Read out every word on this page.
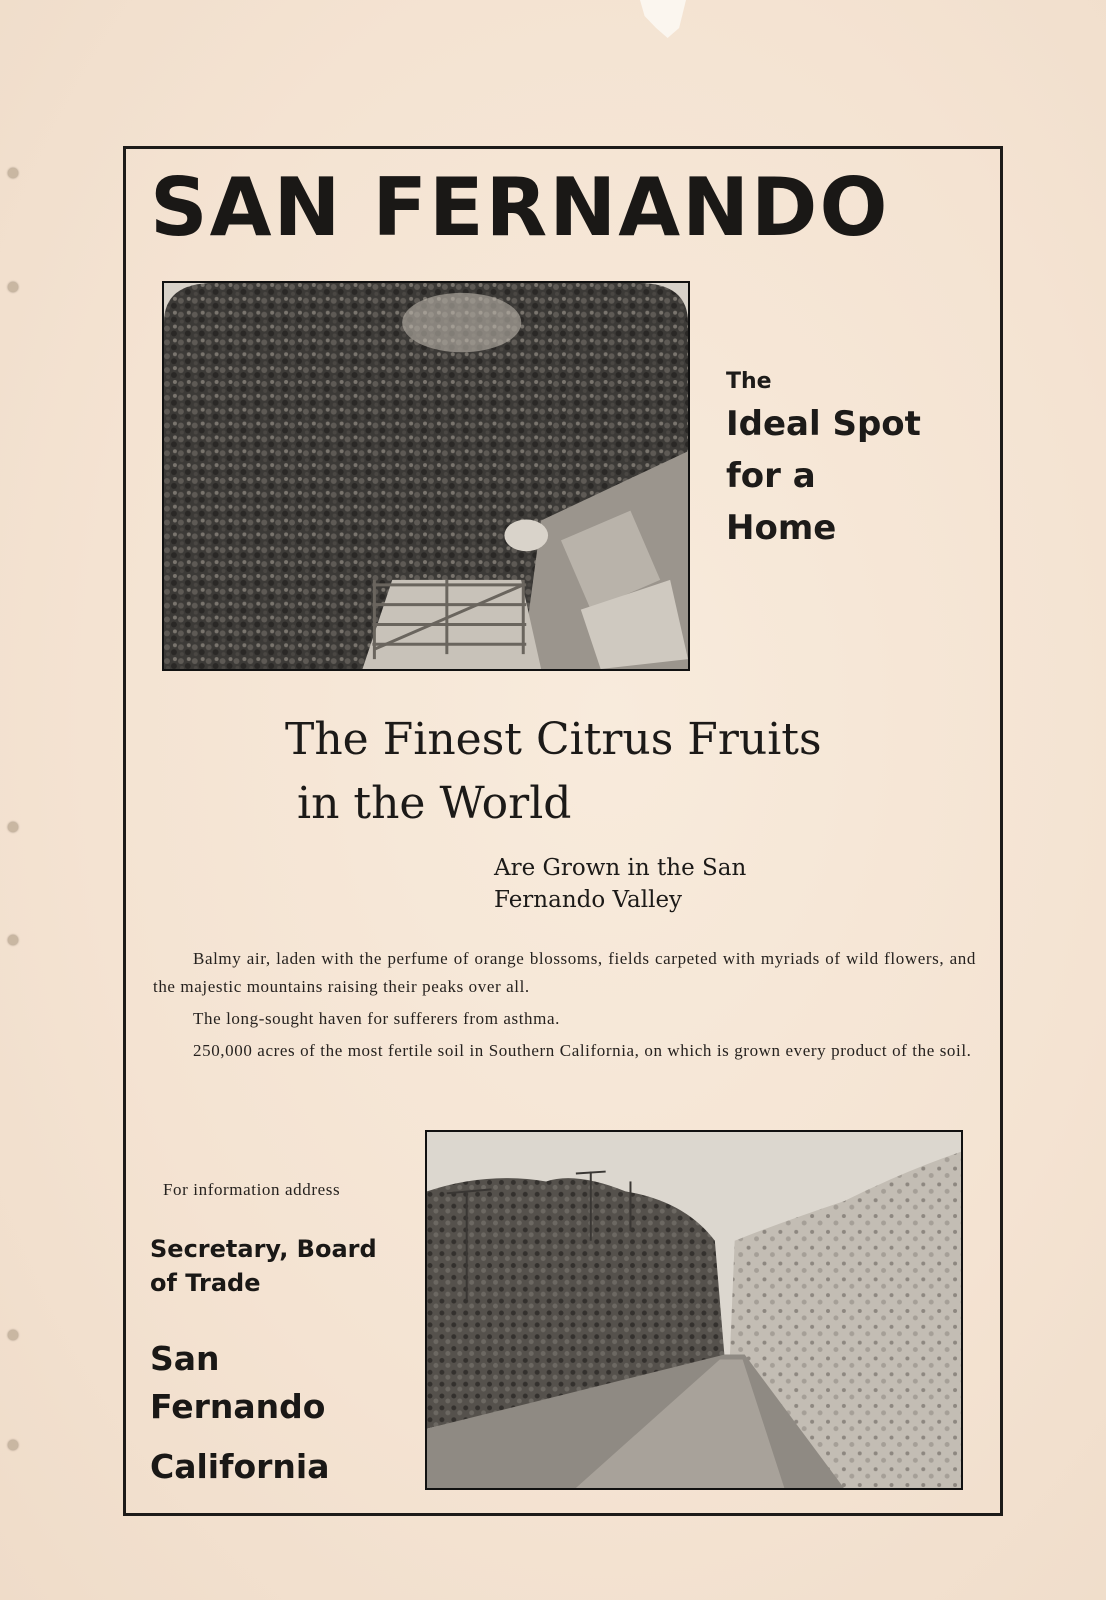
SAN FERNANDO
The
Ideal Spot
for a
Home
The Finest Citrus Fruits
in the World
Are Grown in the San
Fernando Valley

Balmy air, laden with the perfume of orange blossoms, fields carpeted with myriads of wild flowers, and the majestic mountains raising their peaks over all.

The long-sought haven for sufferers from asthma.

250,000 acres of the most fertile soil in Southern California, on which is grown every product of the soil.

For information address
Secretary, Board
of Trade
San
Fernando
California
